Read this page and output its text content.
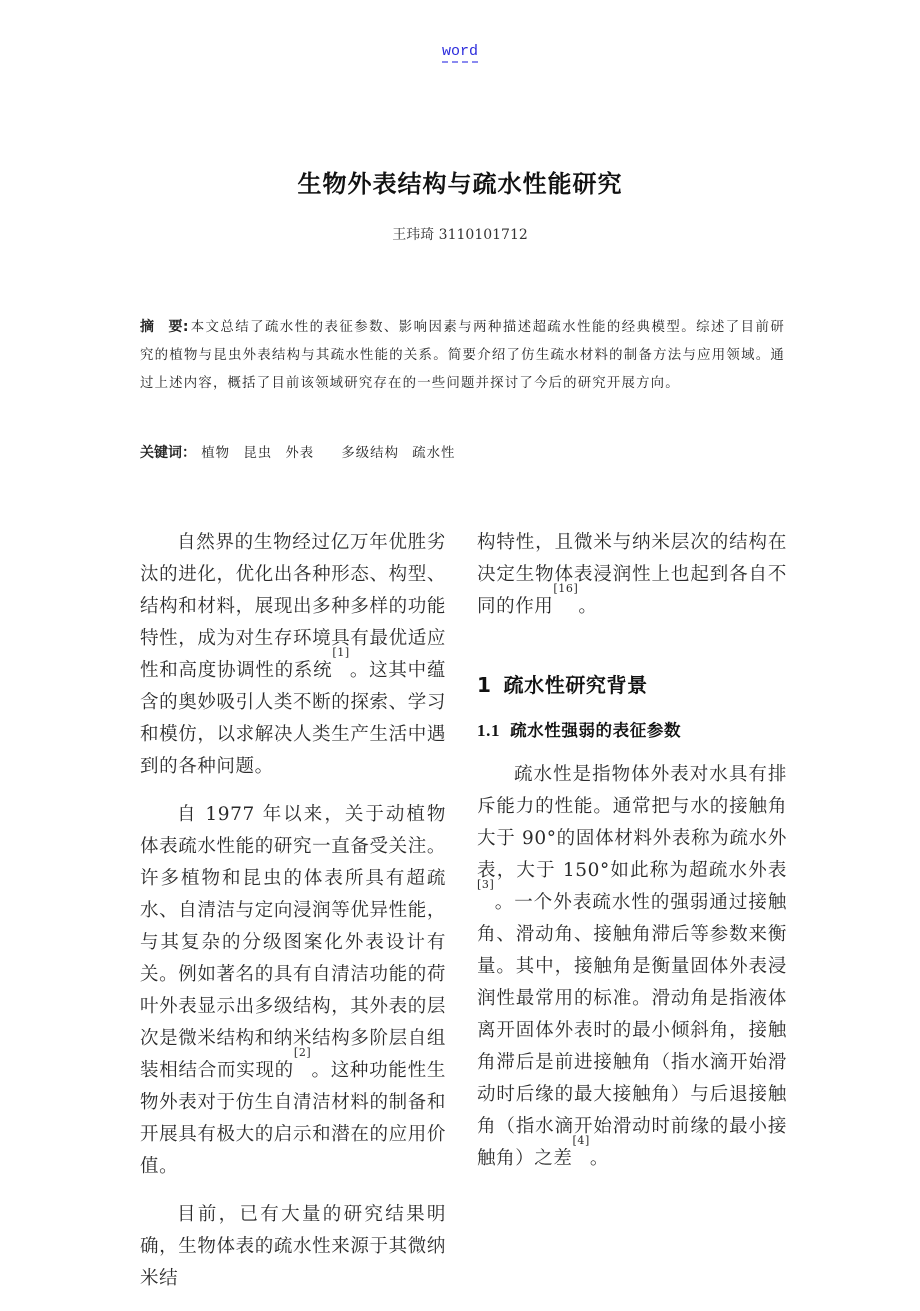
word
生物外表结构与疏水性能研究
王玮琦 3110101712
摘　要: 本文总结了疏水性的表征参数、影响因素与两种描述超疏水性能的经典模型。综述了目前研究的植物与昆虫外表结构与其疏水性能的关系。简要介绍了仿生疏水材料的制备方法与应用领域。通过上述内容，概括了目前该领域研究存在的一些问题并探讨了今后的研究开展方向。
关键词： 植物 昆虫 外表 多级结构 疏水性

自然界的生物经过亿万年优胜劣汰的进化，优化出各种形态、构型、结构和材料，展现出多种多样的功能特性，成为对生存环境具有最优适应性和高度协调性的系统[1]。这其中蕴含的奥妙吸引人类不断的探索、学习和模仿，以求解决人类生产生活中遇到的各种问题。

自 1977 年以来，关于动植物体表疏水性能的研究一直备受关注。许多植物和昆虫的体表所具有超疏水、自清洁与定向浸润等优异性能，与其复杂的分级图案化外表设计有关。例如著名的具有自清洁功能的荷叶外表显示出多级结构，其外表的层次是微米结构和纳米结构多阶层自组装相结合而实现的[2]。这种功能性生物外表对于仿生自清洁材料的制备和开展具有极大的启示和潜在的应用价值。

目前，已有大量的研究结果明确，生物体表的疏水性来源于其微纳米结

构特性，且微米与纳米层次的结构在决定生物体表浸润性上也起到各自不同的作用[16]。

1 疏水性研究背景
1.1 疏水性强弱的表征参数

疏水性是指物体外表对水具有排斥能力的性能。通常把与水的接触角大于 90°的固体材料外表称为疏水外表，大于 150°如此称为超疏水外表[3]。一个外表疏水性的强弱通过接触角、滑动角、接触角滞后等参数来衡量。其中，接触角是衡量固体外表浸润性最常用的标准。滑动角是指液体离开固体外表时的最小倾斜角，接触角滞后是前进接触角（指水滴开始滑动时后缘的最大接触角）与后退接触角（指水滴开始滑动时前缘的最小接触角）之差[4]。
